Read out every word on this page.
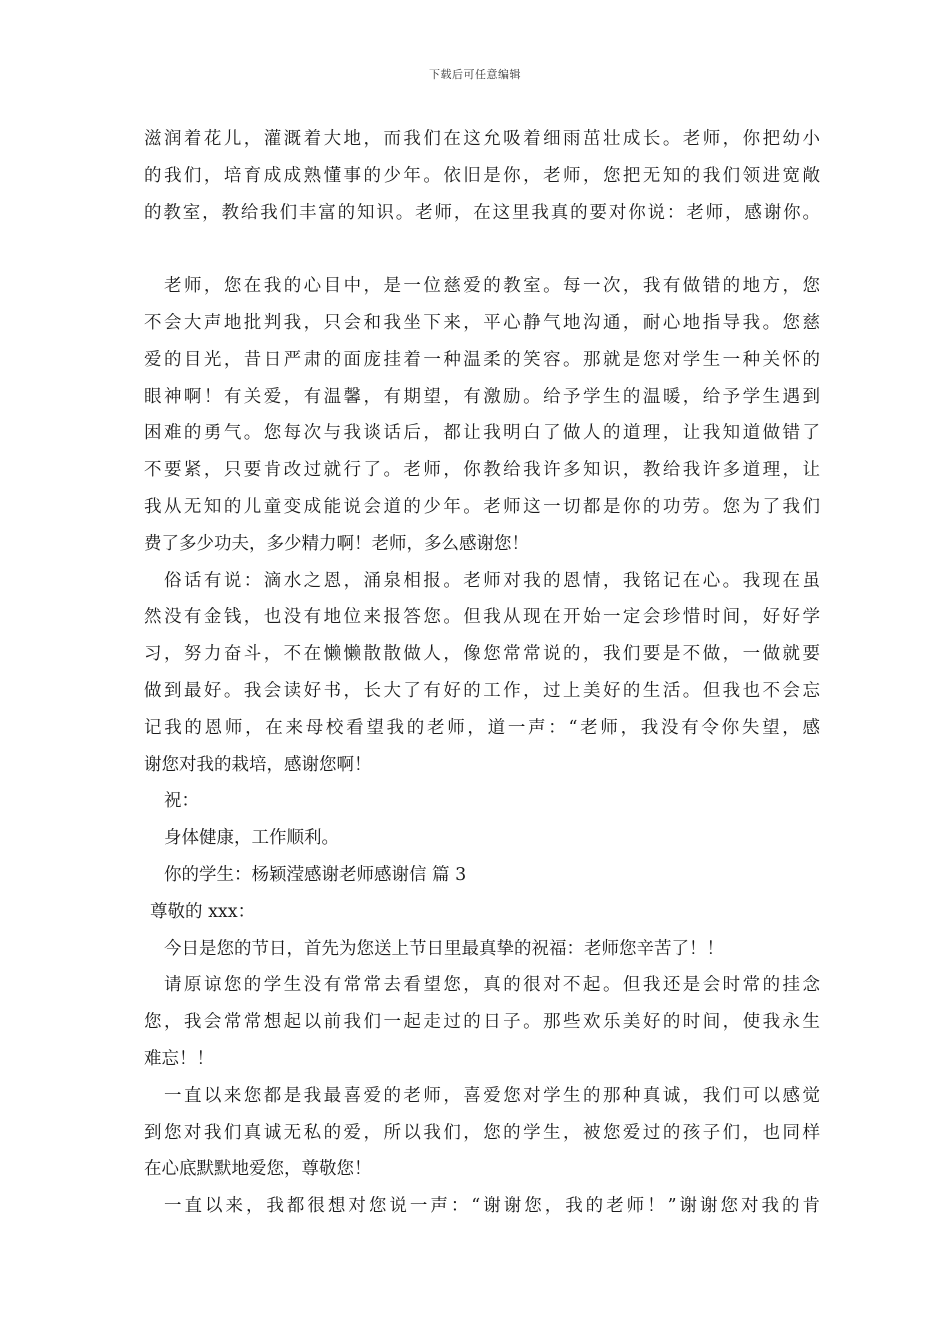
下载后可任意编辑
滋润着花儿，灌溉着大地，而我们在这允吸着细雨茁壮成长。老师，你把幼小
的我们，培育成成熟懂事的少年。依旧是你，老师，您把无知的我们领进宽敞
的教室，教给我们丰富的知识。老师，在这里我真的要对你说：老师，感谢你。
老师，您在我的心目中，是一位慈爱的教室。每一次，我有做错的地方，您
不会大声地批判我，只会和我坐下来，平心静气地沟通，耐心地指导我。您慈
爱的目光，昔日严肃的面庞挂着一种温柔的笑容。那就是您对学生一种关怀的
眼神啊！有关爱，有温馨，有期望，有激励。给予学生的温暖，给予学生遇到
困难的勇气。您每次与我谈话后，都让我明白了做人的道理，让我知道做错了
不要紧，只要肯改过就行了。老师，你教给我许多知识，教给我许多道理，让
我从无知的儿童变成能说会道的少年。老师这一切都是你的功劳。您为了我们
费了多少功夫，多少精力啊！老师，多么感谢您！
俗话有说：滴水之恩，涌泉相报。老师对我的恩情，我铭记在心。我现在虽
然没有金钱，也没有地位来报答您。但我从现在开始一定会珍惜时间，好好学
习，努力奋斗，不在懒懒散散做人，像您常常说的，我们要是不做，一做就要
做到最好。我会读好书，长大了有好的工作，过上美好的生活。但我也不会忘
记我的恩师，在来母校看望我的老师，道一声：“老师，我没有令你失望，感
谢您对我的栽培，感谢您啊！
祝：
身体健康，工作顺利。
你的学生：杨颖滢感谢老师感谢信 篇 3
尊敬的 xxx：
今日是您的节日，首先为您送上节日里最真挚的祝福：老师您辛苦了！！
请原谅您的学生没有常常去看望您，真的很对不起。但我还是会时常的挂念
您，我会常常想起以前我们一起走过的日子。那些欢乐美好的时间，使我永生
难忘！！
一直以来您都是我最喜爱的老师，喜爱您对学生的那种真诚，我们可以感觉
到您对我们真诚无私的爱，所以我们，您的学生，被您爱过的孩子们，也同样
在心底默默地爱您，尊敬您！
一直以来，我都很想对您说一声：“谢谢您，我的老师！”谢谢您对我的肯
